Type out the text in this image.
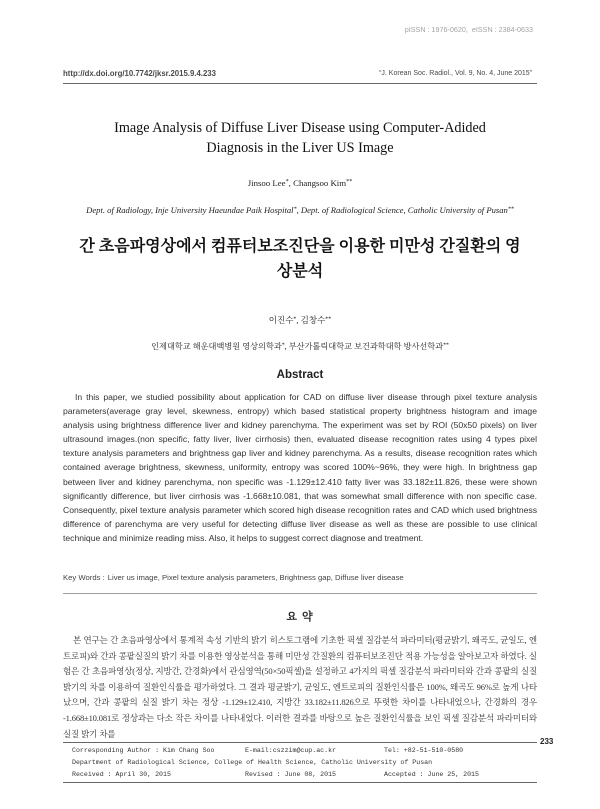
pISSN : 1976-0620,  eISSN : 2384-0633
http://dx.doi.org/10.7742/jksr.2015.9.4.233	“J. Korean Soc. Radiol., Vol. 9, No. 4, June 2015”
Image Analysis of Diffuse Liver Disease using Computer-Adided
Diagnosis in the Liver US Image
Jinsoo Lee*, Changsoo Kim**
Dept. of Radiology, Inje University Haeundae Paik Hospital*, Dept. of Radiological Science, Catholic University of Pusan**
간 초음파영상에서 컴퓨터보조진단을 이용한 미만성 간질환의 영
상분석
이진수*, 김창수**
인제대학교 해운대백병원 영상의학과*, 부산가톨릭대학교 보건과학대학 방사선학과**
Abstract
In this paper, we studied possibility about application for CAD on diffuse liver disease through pixel texture analysis parameters(average gray level, skewness, entropy) which based statistical property brightness histogram and image analysis using brightness difference liver and kidney parenchyma. The experiment was set by ROI (50x50 pixels) on liver ultrasound images.(non specific, fatty liver, liver cirrhosis) then, evaluated disease recognition rates using 4 types pixel texture analysis parameters and brightness gap liver and kidney parenchyma. As a results, disease recognition rates which contained average brightness, skewness, uniformity, entropy was scored 100%~96%, they were high. In brightness gap between liver and kidney parenchyma, non specific was -1.129±12.410 fatty liver was 33.182±11.826, these were shown significantly difference, but liver cirrhosis was -1.668±10.081, that was somewhat small difference with non specific case. Consequently, pixel texture analysis parameter which scored high disease recognition rates and CAD which used brightness difference of parenchyma are very useful for detecting diffuse liver disease as well as these are possible to use clinical technique and minimize reading miss. Also, it helps to suggest correct diagnose and treatment.
Key Words : Liver us image, Pixel texture analysis parameters, Brightness gap, Diffuse liver disease
요 약
본 연구는 간 초음파영상에서 통계적 속성 기반의 밝기 히스토그램에 기초한 픽셀 질감분석 파라미터(평균밝기, 왜곡도, 균일도, 엔트로피)와 간과 콩팥실질의 밝기 차를 이용한 영상분석을 통해 미만성 간질환의 컴퓨터보조진단 적용 가능성을 알아보고자 하였다. 실험은 간 초음파영상(정상, 지방간, 간경화)에서 관심영역(50×50픽셀)을 설정하고 4가지의 픽셀 질감분석 파라미터와 간과 콩팥의 실질 밝기의 차를 이용하여 질환인식률을 평가하였다. 그 결과 평균밝기, 균일도, 엔트로피의 질환인식률은 100%, 왜곡도 96%로 높게 나타났으며, 간과 콩팥의 실질 밝기 차는 정상 -1.129±12.410, 지방간 33.182±11.826으로 뚜렷한 차이를 나타내었으나, 간경화의 경우 -1.668±10.081로 정상과는 다소 작은 차이를 나타내었다. 이러한 결과를 바탕으로 높은 질환인식률을 보인 픽셀 질감분석 파라미터와 실질 밝기 차를

Corresponding Author : Kim Chang Soo

	E-mail:cszzim@cup.ac.kr

	Tel: +82-51-510-0580

Department of Radiological Science, College of Health Science, Catholic University of Pusan

Received : April 30, 2015

	Revised : June 08, 2015

	Accepted : June 25, 2015

233
